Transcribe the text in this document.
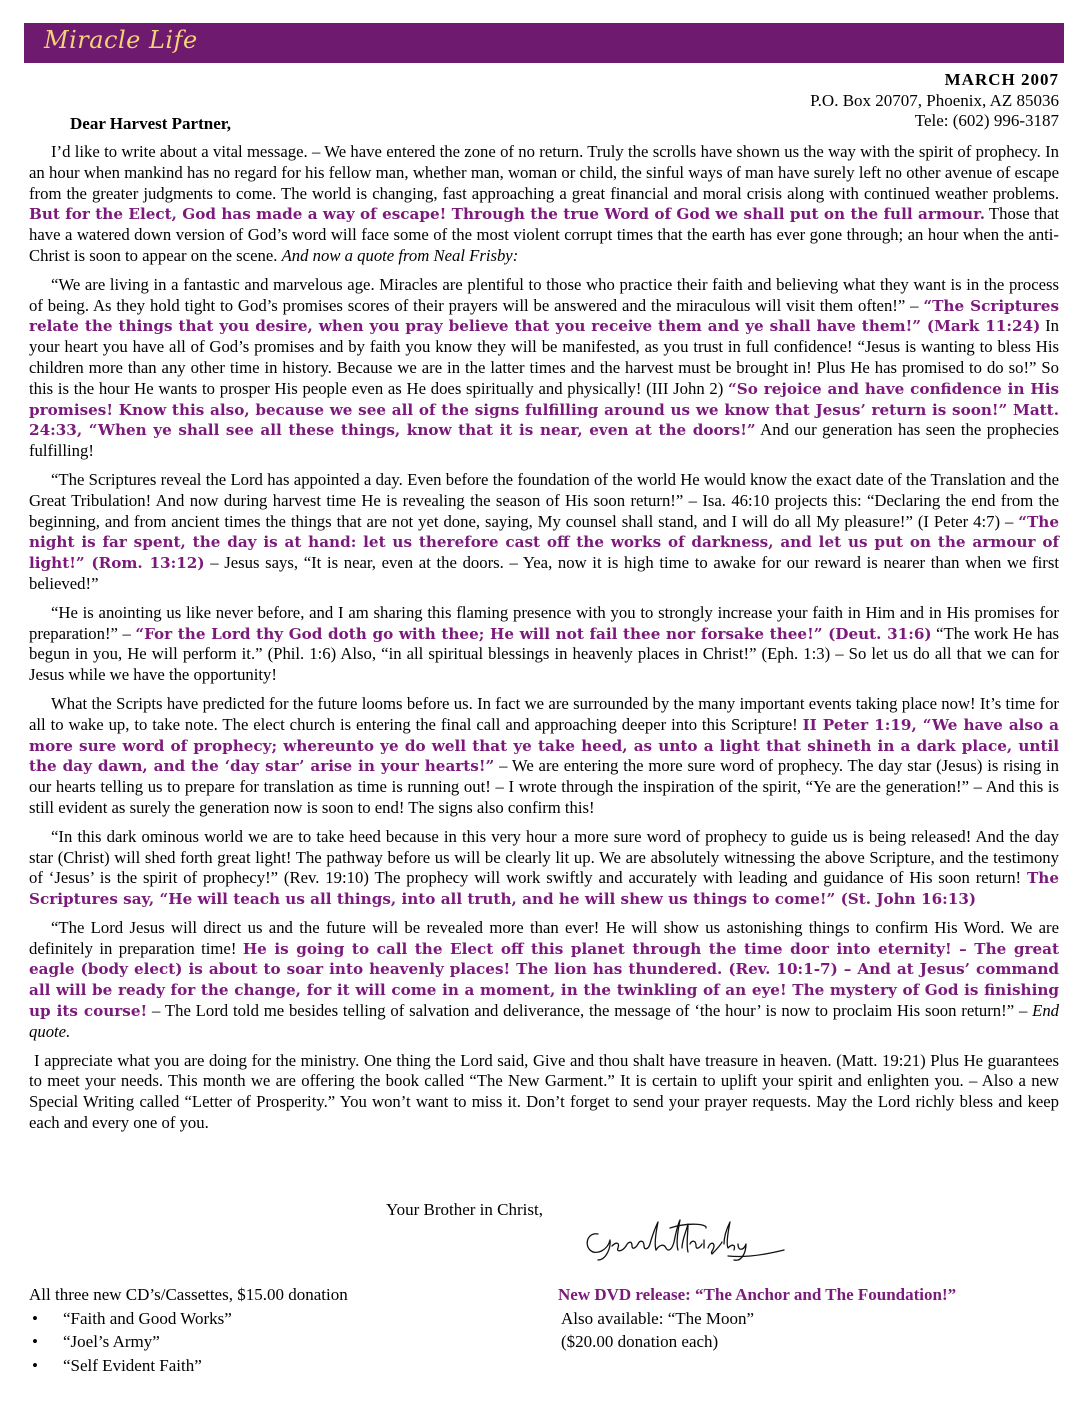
Miracle Life
MARCH 2007
P.O. Box 20707, Phoenix, AZ 85036
Tele: (602) 996-3187
Dear Harvest Partner,

I’d like to write about a vital message. – We have entered the zone of no return. Truly the scrolls have shown us the way with the spirit of prophecy. In an hour when mankind has no regard for his fellow man, whether man, woman or child, the sinful ways of man have surely left no other avenue of escape from the greater judgments to come. The world is changing, fast approaching a great financial and moral crisis along with continued weather problems. But for the Elect, God has made a way of escape! Through the true Word of God we shall put on the full armour. Those that have a watered down version of God’s word will face some of the most violent corrupt times that the earth has ever gone through; an hour when the anti-Christ is soon to appear on the scene. And now a quote from Neal Frisby:

“We are living in a fantastic and marvelous age. Miracles are plentiful to those who practice their faith and believing what they want is in the process of being. As they hold tight to God’s promises scores of their prayers will be answered and the miraculous will visit them often!” – “The Scriptures relate the things that you desire, when you pray believe that you receive them and ye shall have them!” (Mark 11:24) In your heart you have all of God’s promises and by faith you know they will be manifested, as you trust in full confidence! “Jesus is wanting to bless His children more than any other time in history. Because we are in the latter times and the harvest must be brought in! Plus He has promised to do so!” So this is the hour He wants to prosper His people even as He does spiritually and physically! (III John 2) “So rejoice and have confidence in His promises! Know this also, because we see all of the signs fulfilling around us we know that Jesus’ return is soon!” Matt. 24:33, “When ye shall see all these things, know that it is near, even at the doors!” And our generation has seen the prophecies fulfilling!

“The Scriptures reveal the Lord has appointed a day. Even before the foundation of the world He would know the exact date of the Translation and the Great Tribulation! And now during harvest time He is revealing the season of His soon return!” – Isa. 46:10 projects this: “Declaring the end from the beginning, and from ancient times the things that are not yet done, saying, My counsel shall stand, and I will do all My pleasure!” (I Peter 4:7) – “The night is far spent, the day is at hand: let us therefore cast off the works of darkness, and let us put on the armour of light!” (Rom. 13:12) – Jesus says, “It is near, even at the doors. – Yea, now it is high time to awake for our reward is nearer than when we first believed!”

“He is anointing us like never before, and I am sharing this flaming presence with you to strongly increase your faith in Him and in His promises for preparation!” – “For the Lord thy God doth go with thee; He will not fail thee nor forsake thee!” (Deut. 31:6) “The work He has begun in you, He will perform it.” (Phil. 1:6) Also, “in all spiritual blessings in heavenly places in Christ!” (Eph. 1:3) – So let us do all that we can for Jesus while we have the opportunity!

What the Scripts have predicted for the future looms before us. In fact we are surrounded by the many important events taking place now! It’s time for all to wake up, to take note. The elect church is entering the final call and approaching deeper into this Scripture! II Peter 1:19, “We have also a more sure word of prophecy; whereunto ye do well that ye take heed, as unto a light that shineth in a dark place, until the day dawn, and the ‘day star’ arise in your hearts!” – We are entering the more sure word of prophecy. The day star (Jesus) is rising in our hearts telling us to prepare for translation as time is running out! – I wrote through the inspiration of the spirit, “Ye are the generation!” – And this is still evident as surely the generation now is soon to end! The signs also confirm this!

“In this dark ominous world we are to take heed because in this very hour a more sure word of prophecy to guide us is being released! And the day star (Christ) will shed forth great light! The pathway before us will be clearly lit up. We are absolutely witnessing the above Scripture, and the testimony of ‘Jesus’ is the spirit of prophecy!” (Rev. 19:10) The prophecy will work swiftly and accurately with leading and guidance of His soon return! The Scriptures say, “He will teach us all things, into all truth, and he will shew us things to come!” (St. John 16:13)

“The Lord Jesus will direct us and the future will be revealed more than ever! He will show us astonishing things to confirm His Word. We are definitely in preparation time! He is going to call the Elect off this planet through the time door into eternity! – The great eagle (body elect) is about to soar into heavenly places! The lion has thundered. (Rev. 10:1-7) – And at Jesus’ command all will be ready for the change, for it will come in a moment, in the twinkling of an eye! The mystery of God is finishing up its course! – The Lord told me besides telling of salvation and deliverance, the message of ‘the hour’ is now to proclaim His soon return!” – End quote.

I appreciate what you are doing for the ministry. One thing the Lord said, Give and thou shalt have treasure in heaven. (Matt. 19:21) Plus He guarantees to meet your needs. This month we are offering the book called “The New Garment.” It is certain to uplift your spirit and enlighten you. – Also a new Special Writing called “Letter of Prosperity.” You won’t want to miss it. Don’t forget to send your prayer requests. May the Lord richly bless and keep each and every one of you.

Your Brother in Christ,
All three new CD’s/Cassettes, $15.00 donation
• “Faith and Good Works”
• “Joel’s Army”
• “Self Evident Faith”
New DVD release: “The Anchor and The Foundation!”
Also available: “The Moon”
($20.00 donation each)
